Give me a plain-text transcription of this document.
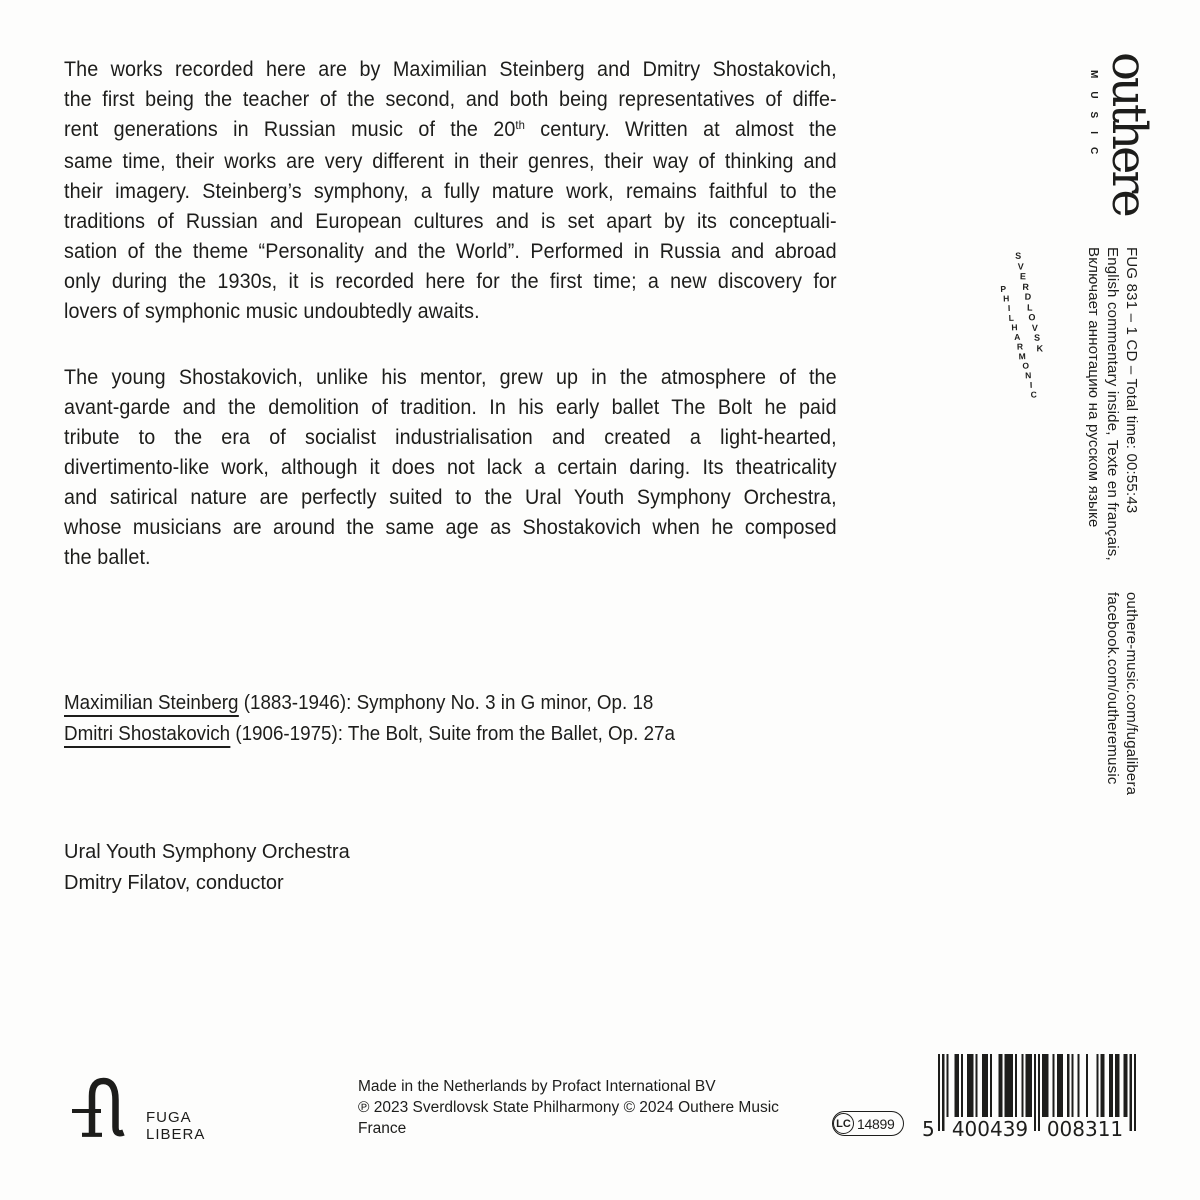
The works recorded here are by Maximilian Steinberg and Dmitry Shostakovich,
the first being the teacher of the second, and both being representatives of diffe-
rent generations in Russian music of the 20th century. Written at almost the
same time, their works are very different in their genres, their way of thinking and
their imagery. Steinberg’s symphony, a fully mature work, remains faithful to the
traditions of Russian and European cultures and is set apart by its conceptuali-
sation of the theme “Personality and the World”. Performed in Russia and abroad
only during the 1930s, it is recorded here for the first time; a new discovery for
lovers of symphonic music undoubtedly awaits.
The young Shostakovich, unlike his mentor, grew up in the atmosphere of the
avant-garde and the demolition of tradition. In his early ballet The Bolt he paid
tribute to the era of socialist industrialisation and created a light-hearted,
divertimento-like work, although it does not lack a certain daring. Its theatricality
and satirical nature are perfectly suited to the Ural Youth Symphony Orchestra,
whose musicians are around the same age as Shostakovich when he composed
the ballet.
Maximilian Steinberg (1883-1946): Symphony No. 3 in G minor, Op. 18
Dmitri Shostakovich (1906-1975): The Bolt, Suite from the Ballet, Op. 27a
Ural Youth Symphony Orchestra
Dmitry Filatov, conductor
outhere
MUSIC
S
V
E
R
D
L
O
V
S
K
P
H
I
L
H
A
R
M
O
N
I
C	FUG 831 – 1 CD – Total time: 00:55:43
English commentary inside, Texte en français,
Включает аннотацию на русском языке
outhere-music.com/fugalibera
facebook.com/outheremusic
FUGA
LIBERA
Made in the Netherlands by Profact International BV
℗ 2023 Sverdlovsk State Philharmony © 2024 Outhere Music
France	LC 14899 5 400439 008311
